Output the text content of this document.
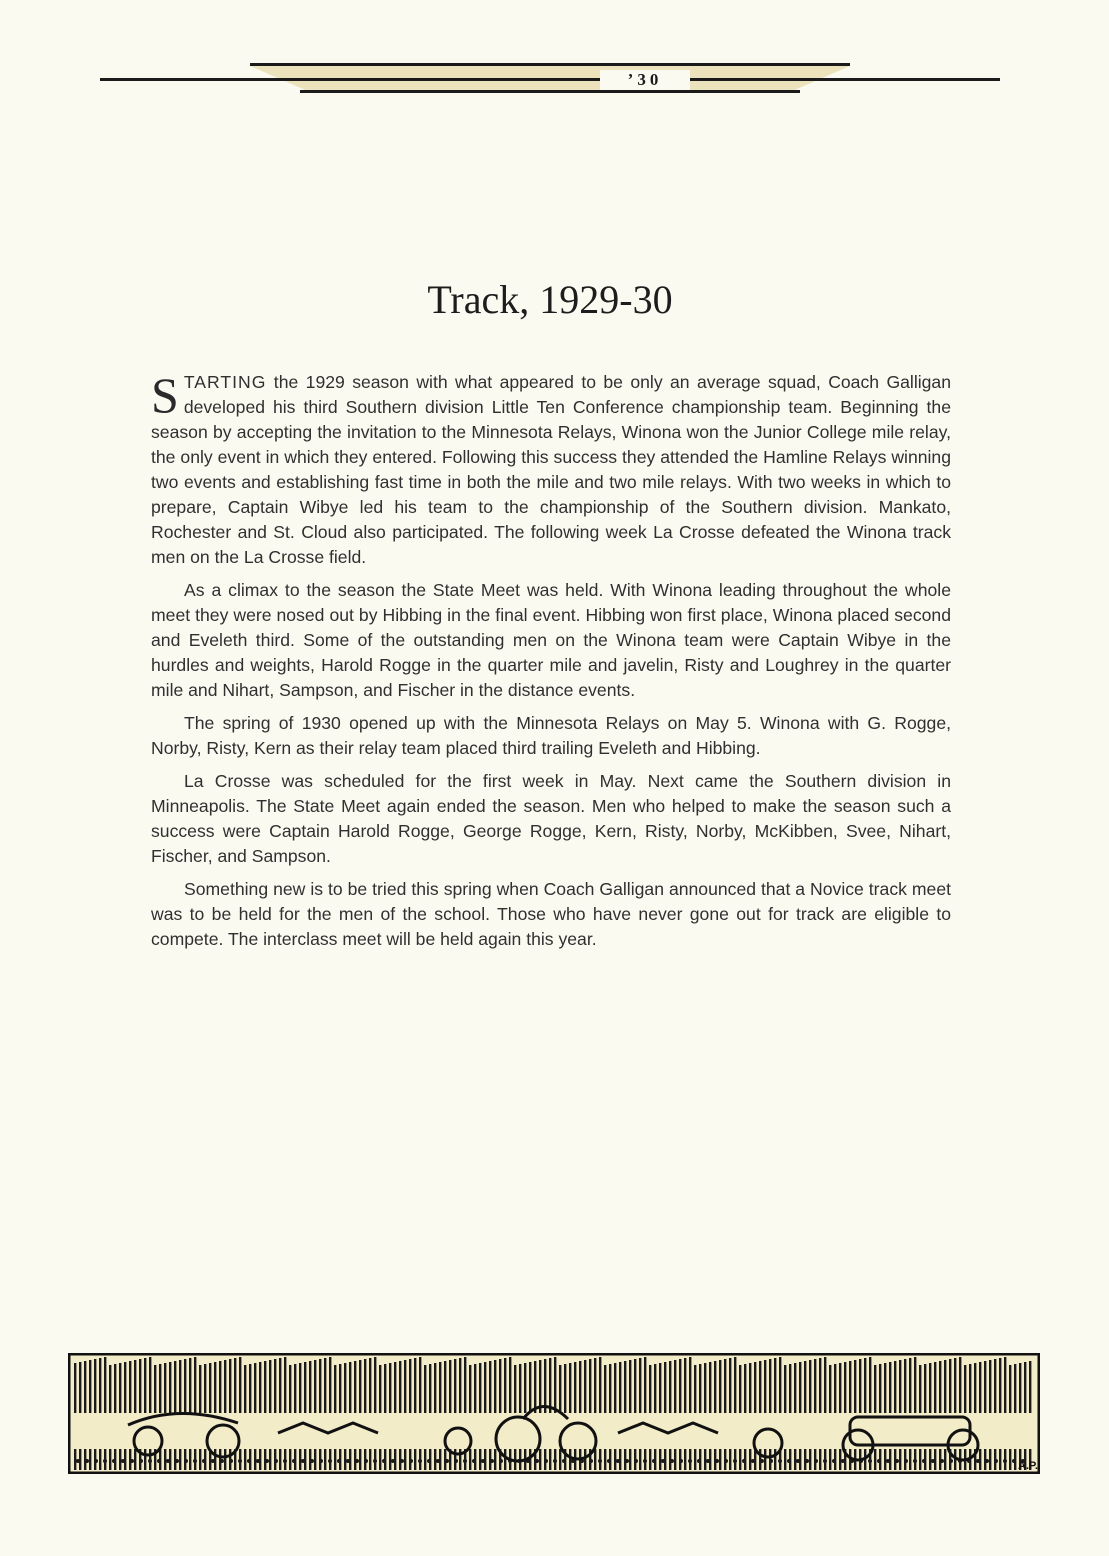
’30
Track, 1929-30

STARTING the 1929 season with what appeared to be only an average squad, Coach Galligan developed his third Southern division Little Ten Conference championship team. Beginning the season by accepting the invitation to the Minnesota Relays, Winona won the Junior College mile relay, the only event in which they entered. Following this success they attended the Hamline Relays winning two events and establishing fast time in both the mile and two mile relays. With two weeks in which to prepare, Captain Wibye led his team to the championship of the Southern division. Mankato, Rochester and St. Cloud also participated. The following week La Crosse defeated the Winona track men on the La Crosse field.

As a climax to the season the State Meet was held. With Winona leading throughout the whole meet they were nosed out by Hibbing in the final event. Hibbing won first place, Winona placed second and Eveleth third. Some of the outstanding men on the Winona team were Captain Wibye in the hurdles and weights, Harold Rogge in the quarter mile and javelin, Risty and Loughrey in the quarter mile and Nihart, Sampson, and Fischer in the distance events.

The spring of 1930 opened up with the Minnesota Relays on May 5. Winona with G. Rogge, Norby, Risty, Kern as their relay team placed third trailing Eveleth and Hibbing.

La Crosse was scheduled for the first week in May. Next came the Southern division in Minneapolis. The State Meet again ended the season. Men who helped to make the season such a success were Captain Harold Rogge, George Rogge, Kern, Risty, Norby, McKibben, Svee, Nihart, Fischer, and Sampson.

Something new is to be tried this spring when Coach Galligan announced that a Novice track meet was to be held for the men of the school. Those who have never gone out for track are eligible to compete. The interclass meet will be held again this year.

A.P.
